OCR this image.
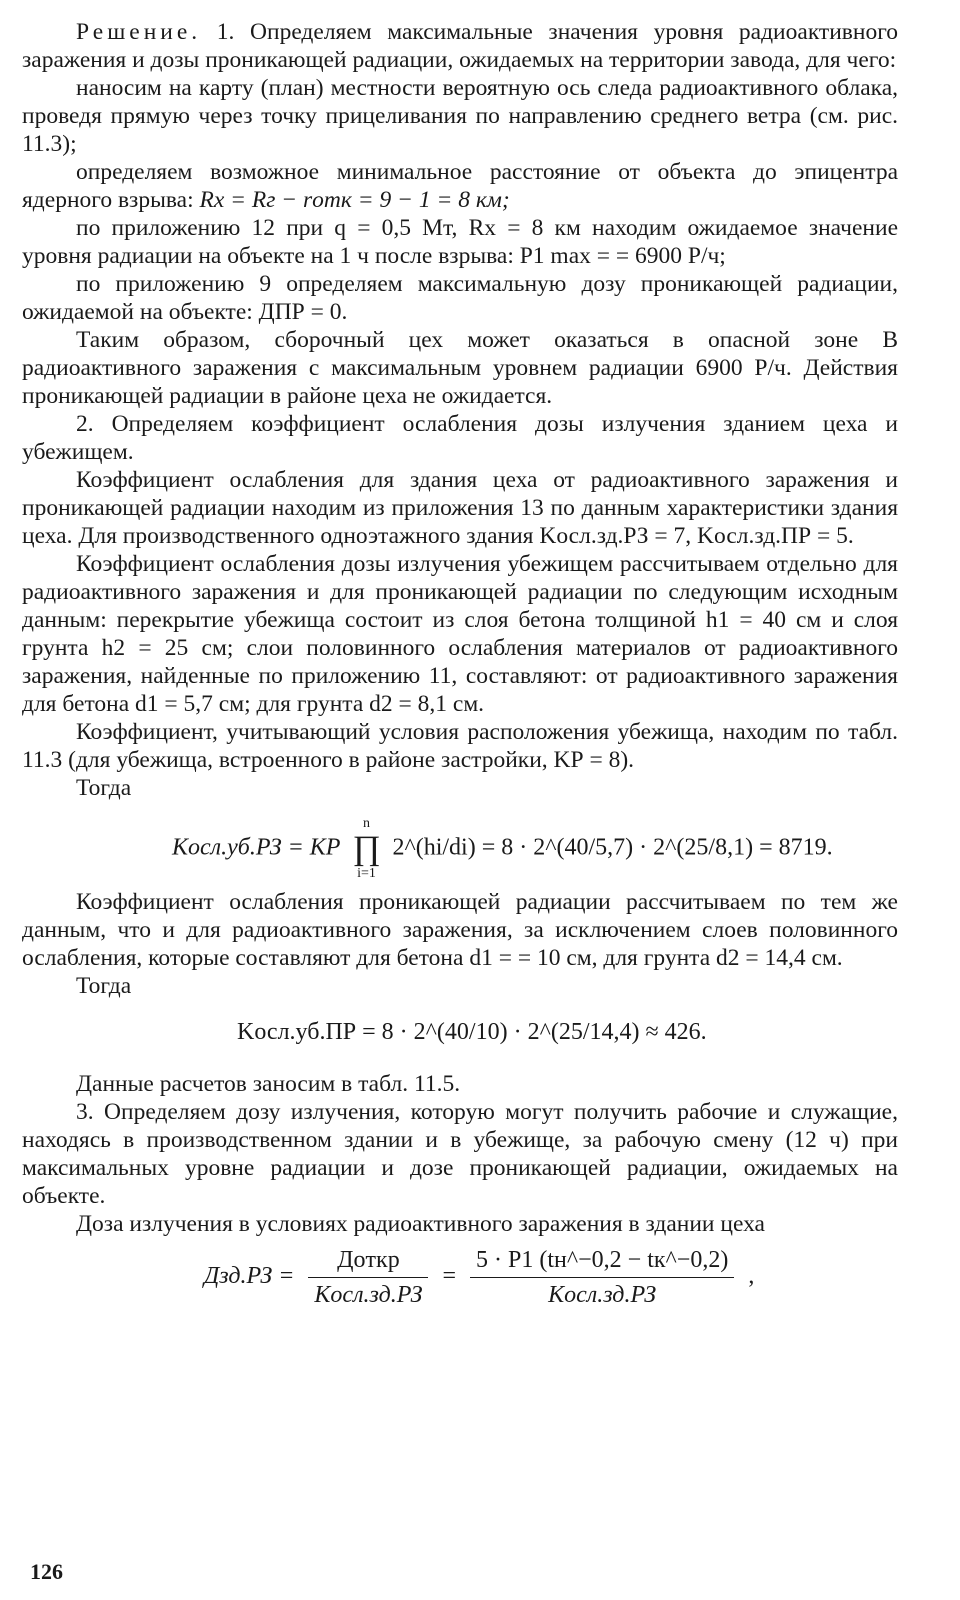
Решение. 1. Определяем максимальные значения уровня радиоактивного заражения и дозы проникающей радиации, ожидаемых на территории завода, для чего:

наносим на карту (план) местности вероятную ось следа радиоактивного облака, проведя прямую через точку прицеливания по направлению среднего ветра (см. рис. 11.3);

определяем возможное минимальное расстояние от объекта до эпицентра ядерного взрыва: Rх = Rг − rотк = 9 − 1 = 8 км;

по приложению 12 при q = 0,5 Мт, Rх = 8 км находим ожидаемое значение уровня радиации на объекте на 1 ч после взрыва: P1 max = = 6900 Р/ч;

по приложению 9 определяем максимальную дозу проникающей радиации, ожидаемой на объекте: ДПР = 0.

Таким образом, сборочный цех может оказаться в опасной зоне В радиоактивного заражения с максимальным уровнем радиации 6900 Р/ч. Действия проникающей радиации в районе цеха не ожидается.

2. Определяем коэффициент ослабления дозы излучения зданием цеха и убежищем.

Коэффициент ослабления для здания цеха от радиоактивного заражения и проникающей радиации находим из приложения 13 по данным характеристики здания цеха. Для производственного одноэтажного здания Kосл.зд.РЗ = 7, Kосл.зд.ПР = 5.

Коэффициент ослабления дозы излучения убежищем рассчитываем отдельно для радиоактивного заражения и для проникающей радиации по следующим исходным данным: перекрытие убежища состоит из слоя бетона толщиной h1 = 40 см и слоя грунта h2 = 25 см; слои половинного ослабления материалов от радиоактивного заражения, найденные по приложению 11, составляют: от радиоактивного заражения для бетона d1 = 5,7 см; для грунта d2 = 8,1 см.

Коэффициент, учитывающий условия расположения убежища, находим по табл. 11.3 (для убежища, встроенного в районе застройки, KР = 8).

Тогда

Kосл.уб.РЗ = KР n
∏
i=1 2^(hi/di) = 8 · 2^(40/5,7) · 2^(25/8,1) = 8719.

Коэффициент ослабления проникающей радиации рассчитываем по тем же данным, что и для радиоактивного заражения, за исключением слоев половинного ослабления, которые составляют для бетона d1 = = 10 см, для грунта d2 = 14,4 см.

Тогда

Kосл.уб.ПР = 8 · 2^(40/10) · 2^(25/14,4) ≈ 426.

Данные расчетов заносим в табл. 11.5.

3. Определяем дозу излучения, которую могут получить рабочие и служащие, находясь в производственном здании и в убежище, за рабочую смену (12 ч) при максимальных уровне радиации и дозе проникающей радиации, ожидаемых на объекте.

Доза излучения в условиях радиоактивного заражения в здании цеха

$Дзд.РЗ = \frac{\text{Дoткр}}{\text{Kосл.зд.РЗ}} = \frac{5 \cdot P1 (tн\^{}-0,2 - tк\^{}-0,2)}{\text{Kосл.зд.РЗ}}$ ,
126
